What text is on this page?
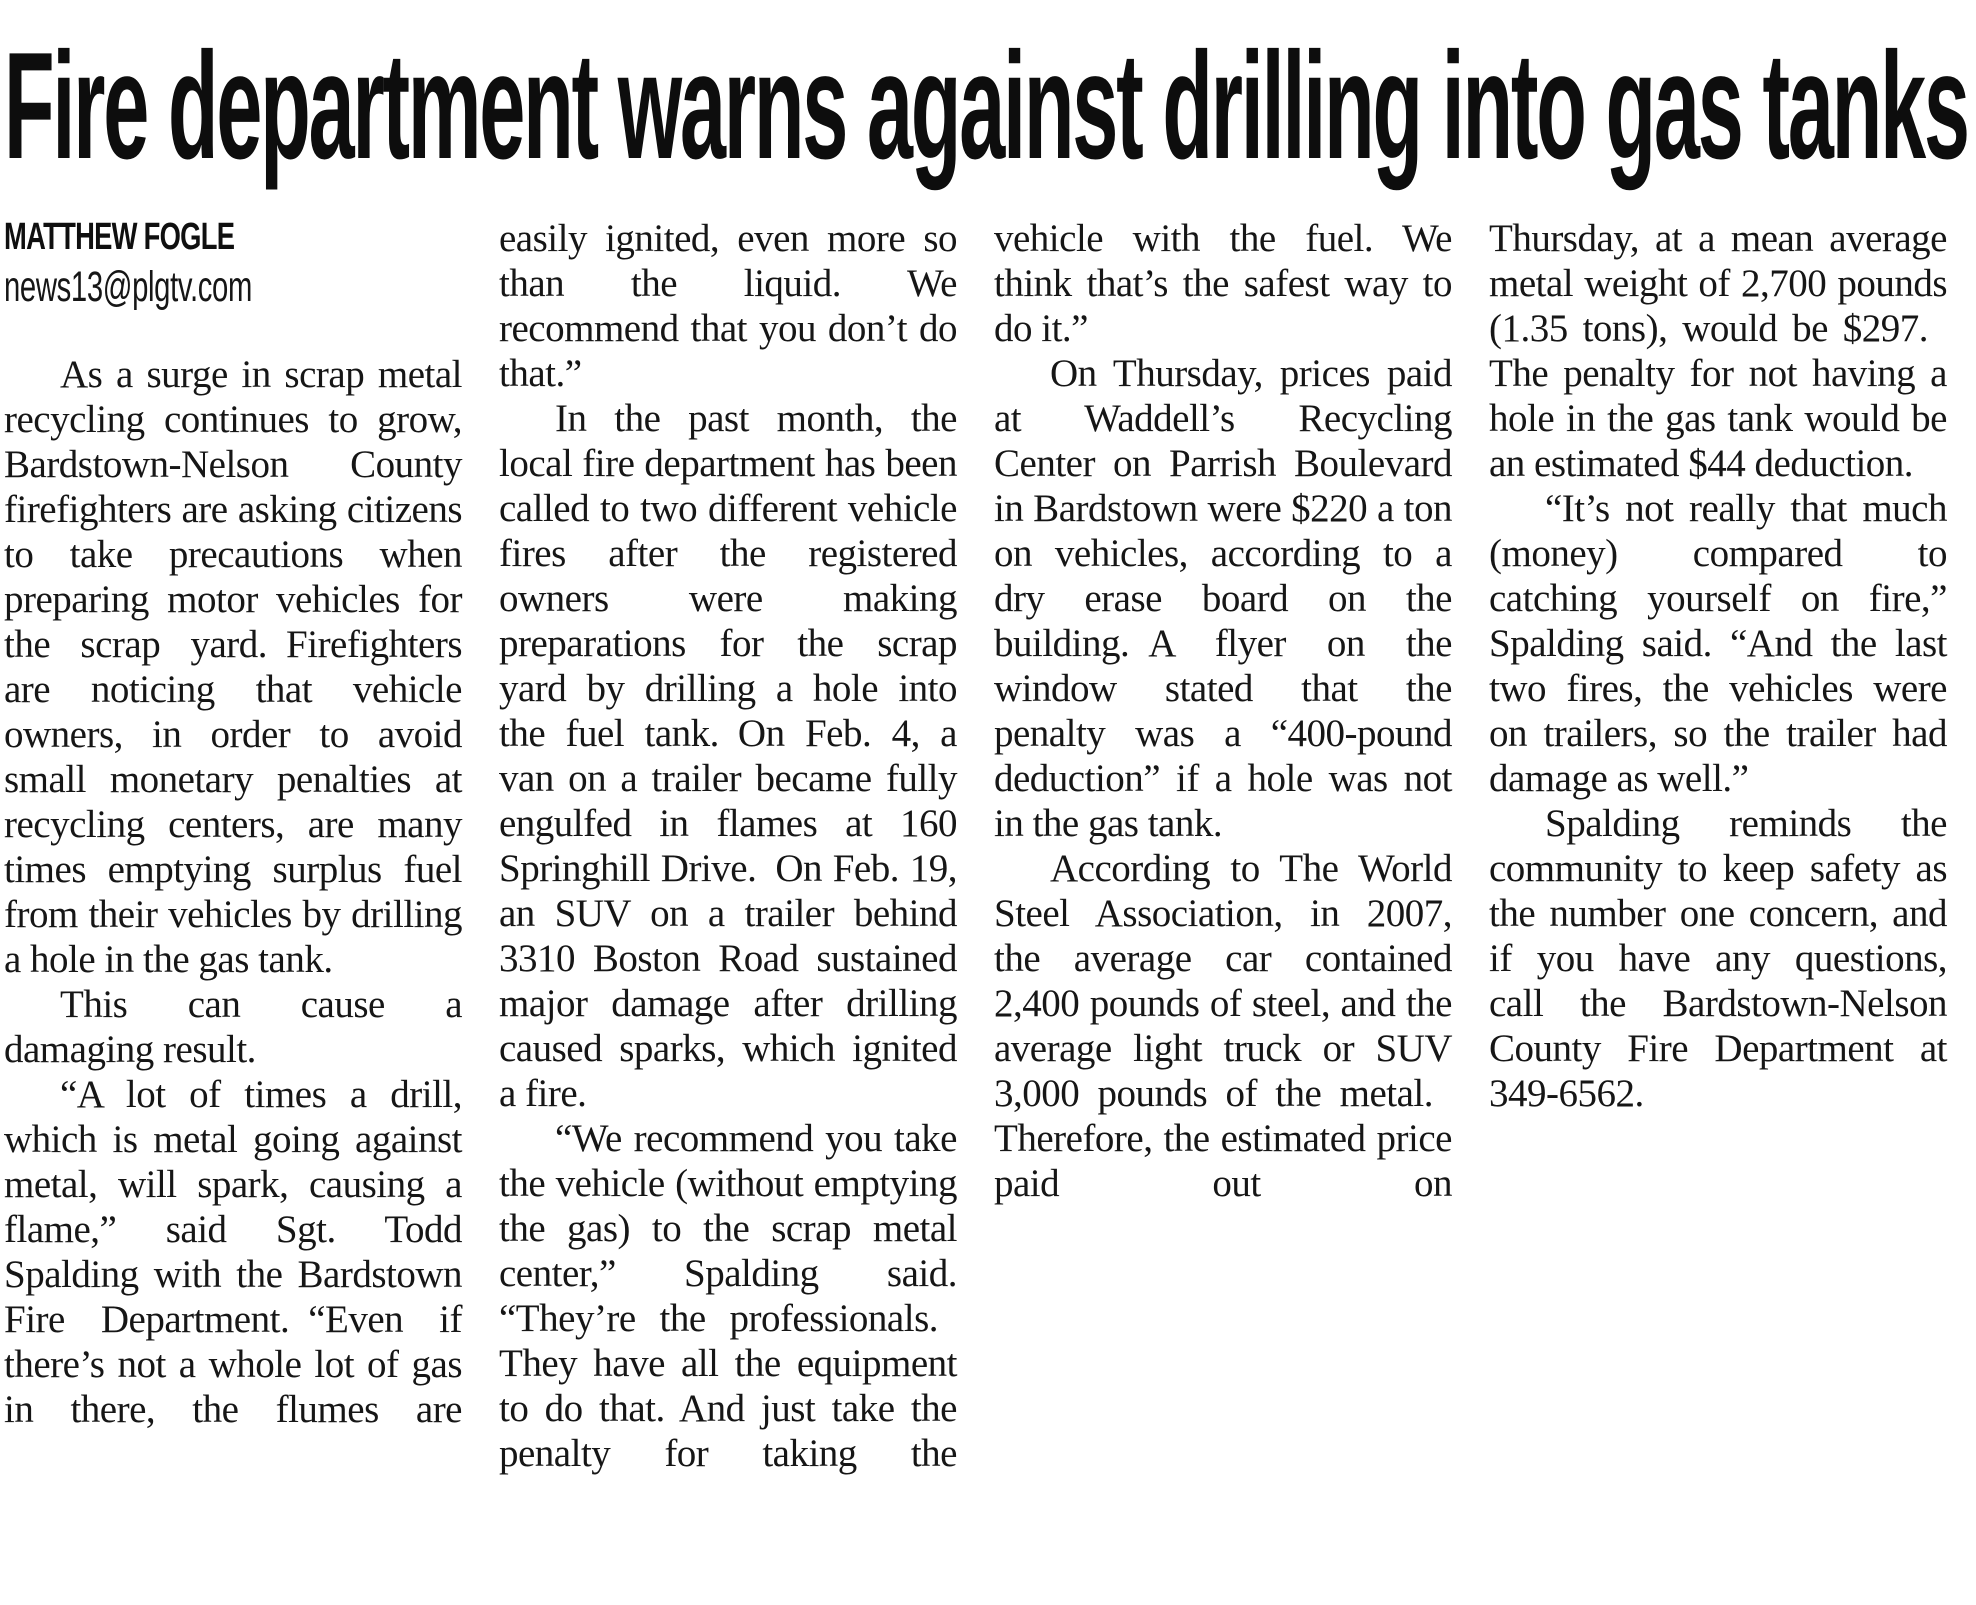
Fire department warns against drilling into gas tanks
MATTHEW FOGLE
news13@plgtv.com

As a surge in scrap metal recycling continues to grow, Bardstown-Nelson County firefighters are asking citizens to take precautions when preparing motor vehicles for the scrap yard. Firefighters are noticing that vehicle owners, in order to avoid small monetary penalties at recycling centers, are many times emptying surplus fuel from their vehicles by drilling a hole in the gas tank.

This can cause a damaging result.

“A lot of times a drill, which is metal going against metal, will spark, causing a flame,” said Sgt. Todd Spalding with the Bardstown Fire Department. “Even if there’s not a whole lot of gas in there, the flumes are

easily ignited, even more so than the liquid. We recommend that you don’t do that.”

In the past month, the local fire department has been called to two different vehicle fires after the registered owners were making preparations for the scrap yard by drilling a hole into the fuel tank. On Feb. 4, a van on a trailer became fully engulfed in flames at 160 Springhill Drive. On Feb. 19, an SUV on a trailer behind 3310 Boston Road sustained major damage after drilling caused sparks, which ignited a fire.

“We recommend you take the vehicle (without emptying the gas) to the scrap metal center,” Spalding said. “They’re the professionals. They have all the equipment to do that. And just take the penalty for taking the

vehicle with the fuel. We think that’s the safest way to do it.”

On Thursday, prices paid at Waddell’s Recycling Center on Parrish Boulevard in Bardstown were $220 a ton on vehicles, according to a dry erase board on the building. A flyer on the window stated that the penalty was a “400-pound deduction” if a hole was not in the gas tank.

According to The World Steel Association, in 2007, the average car contained 2,400 pounds of steel, and the average light truck or SUV 3,000 pounds of the metal. Therefore, the estimated price paid out on

Thursday, at a mean average metal weight of 2,700 pounds (1.35 tons), would be $297. The penalty for not having a hole in the gas tank would be an estimated $44 deduction.

“It’s not really that much (money) compared to catching yourself on fire,” Spalding said. “And the last two fires, the vehicles were on trailers, so the trailer had damage as well.”

Spalding reminds the community to keep safety as the number one concern, and if you have any questions, call the Bardstown-Nelson County Fire Department at 349-6562.
